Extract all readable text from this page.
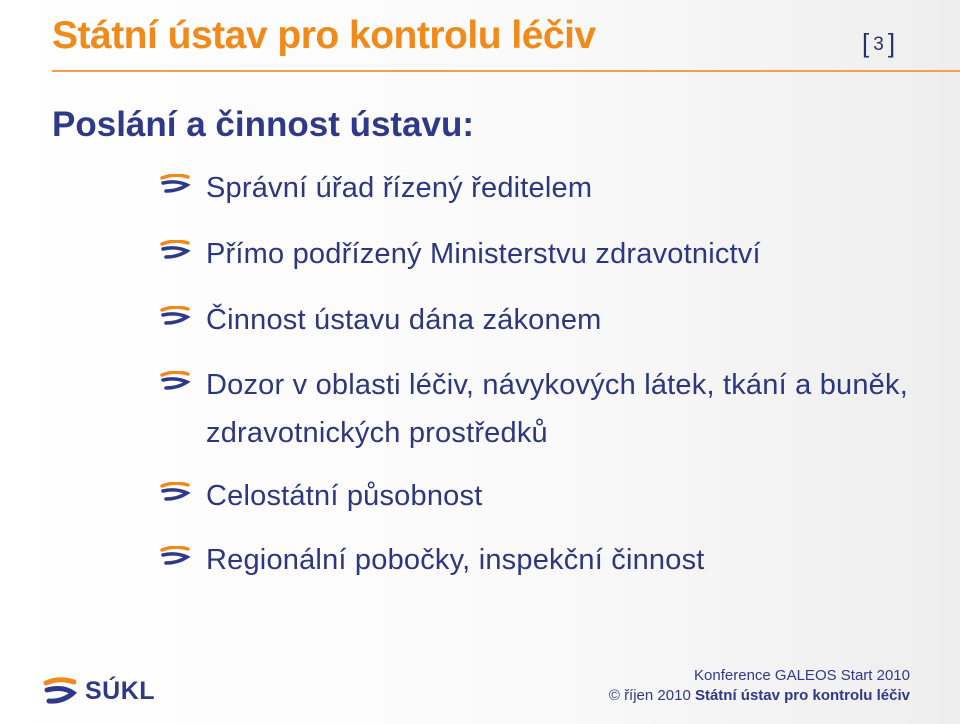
Státní ústav pro kontrolu léčiv	[ 3 ]
Poslání a činnost ústavu:
Správní úřad řízený ředitelem
Přímo podřízený Ministerstvu zdravotnictví
Činnost ústavu dána zákonem
Dozor v oblasti léčiv, návykových látek, tkání a buněk, zdravotnických prostředků
Celostátní působnost
Regionální pobočky, inspekční činnost
SÚKL
Konference GALEOS Start 2010
© říjen 2010 Státní ústav pro kontrolu léčiv
